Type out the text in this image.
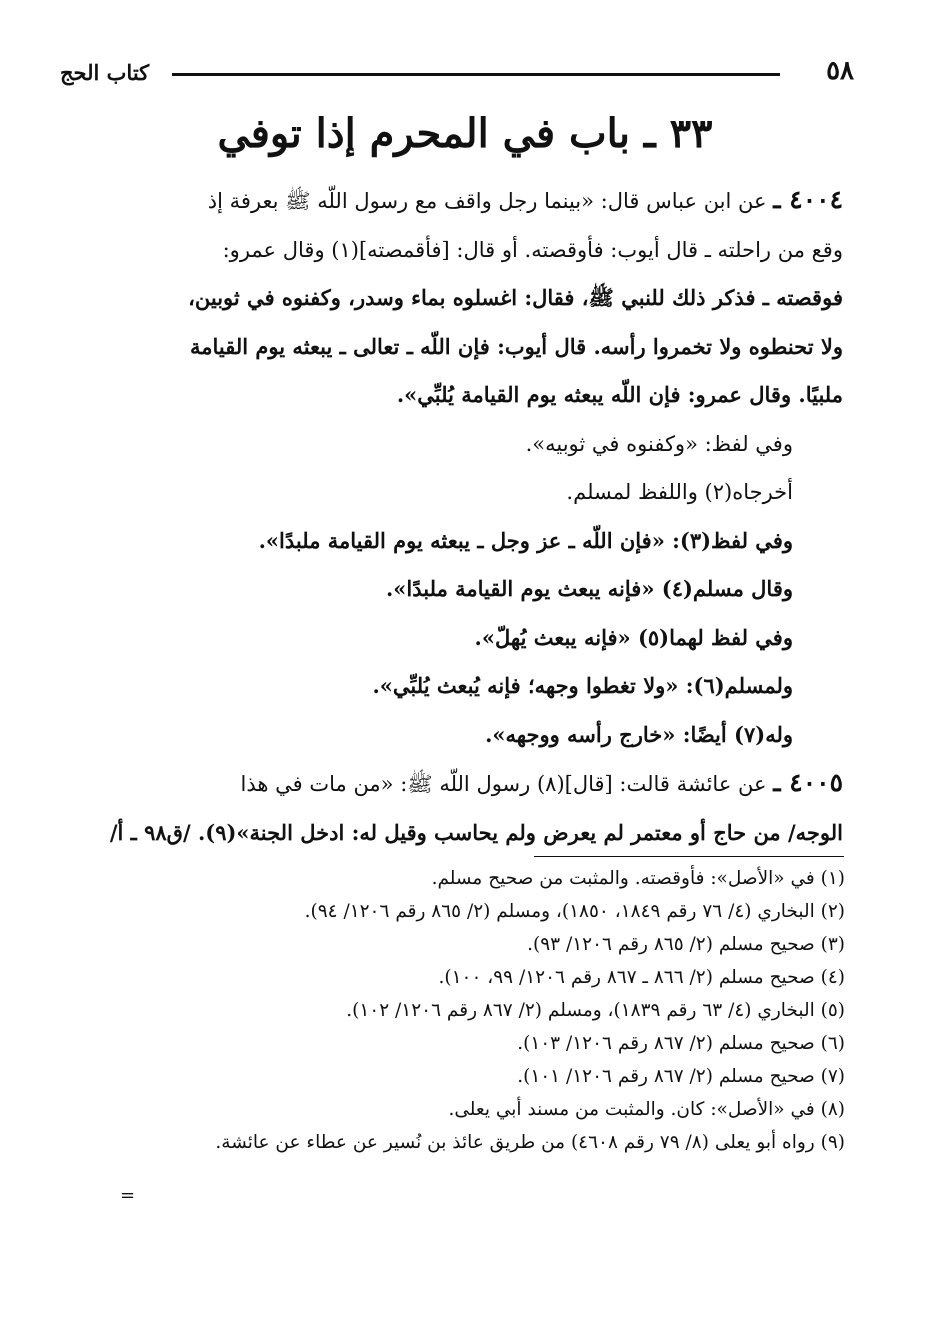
٥٨
كتاب الحج
٣٣ ـ باب في المحرم إذا توفي

٤٠٠٤ ـ عن ابن عباس قال: «بينما رجل واقف مع رسول اللّه ﷺ بعرفة إذ

وقع من راحلته ـ قال أيوب: فأوقصته. أو قال: [فأقمصته](١) وقال عمرو:

فوقصته ـ فذكر ذلك للنبي ﷺ، فقال: اغسلوه بماء وسدر، وكفنوه في ثوبين،

ولا تحنطوه ولا تخمروا رأسه. قال أيوب: فإن اللّه ـ تعالى ـ يبعثه يوم القيامة

ملبيًا. وقال عمرو: فإن اللّه يبعثه يوم القيامة يُلبِّي».

وفي لفظ: «وكفنوه في ثوبيه».

أخرجاه(٢) واللفظ لمسلم.

وفي لفظ(٣): «فإن اللّه ـ عز وجل ـ يبعثه يوم القيامة ملبدًا».

وقال مسلم(٤) «فإنه يبعث يوم القيامة ملبدًا».

وفي لفظ لهما(٥) «فإنه يبعث يُهلّ».

ولمسلم(٦): «ولا تغطوا وجهه؛ فإنه يُبعث يُلبِّي».

وله(٧) أيضًا: «خارج رأسه ووجهه».

٤٠٠٥ ـ عن عائشة قالت: [قال](٨) رسول اللّه ﷺ: «من مات في هذا

الوجه/ من حاج أو معتمر لم يعرض ولم يحاسب وقيل له: ادخل الجنة»(٩). /ق٩٨ ـ أ/

(١) في «الأصل»: فأوقصته. والمثبت من صحيح مسلم.

(٢) البخاري (٤/ ٧٦ رقم ١٨٤٩، ١٨٥٠)، ومسلم (٢/ ٨٦٥ رقم ١٢٠٦/ ٩٤).

(٣) صحيح مسلم (٢/ ٨٦٥ رقم ١٢٠٦/ ٩٣).

(٤) صحيح مسلم (٢/ ٨٦٦ ـ ٨٦٧ رقم ١٢٠٦/ ٩٩، ١٠٠).

(٥) البخاري (٤/ ٦٣ رقم ١٨٣٩)، ومسلم (٢/ ٨٦٧ رقم ١٢٠٦/ ١٠٢).

(٦) صحيح مسلم (٢/ ٨٦٧ رقم ١٢٠٦/ ١٠٣).

(٧) صحيح مسلم (٢/ ٨٦٧ رقم ١٢٠٦/ ١٠١).

(٨) في «الأصل»: كان. والمثبت من مسند أبي يعلى.

(٩) رواه أبو يعلى (٨/ ٧٩ رقم ٤٦٠٨) من طريق عائذ بن نُسير عن عطاء عن عائشة.

=
